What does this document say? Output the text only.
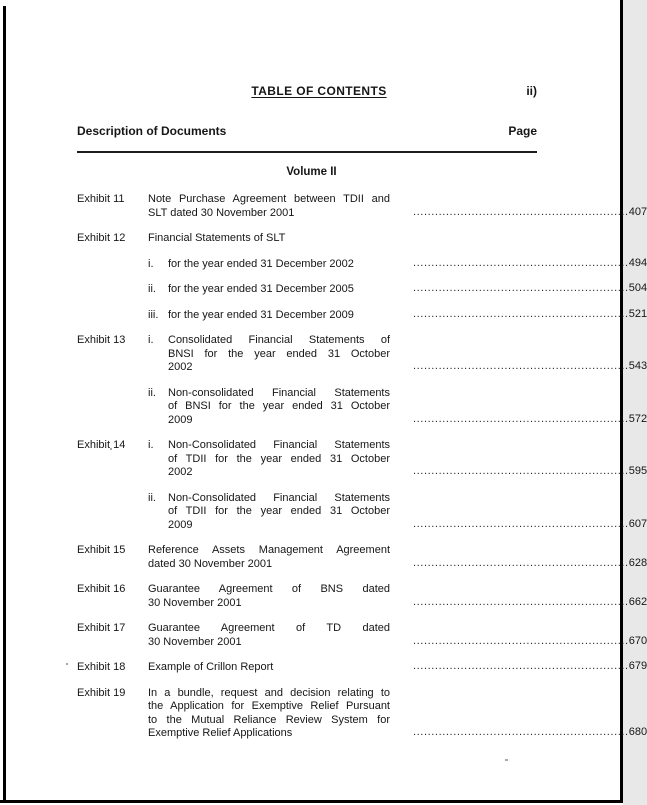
TABLE OF CONTENTS	ii)
Description of Documents	Page
Volume II
Exhibit 11	Note Purchase Agreement between TDII and
SLT dated 30 November 2001	........................................................... 407
Exhibit 12	Financial Statements of SLT
i.	for the year ended 31 December 2002	........................................................... 494
ii.	for the year ended 31 December 2005	........................................................... 504
iii. for the year ended 31 December 2009	........................................................... 521
Exhibit 13	i.	Consolidated Financial Statements of
BNSI for the year ended 31 October
2002	........................................................... 543
ii.	Non-consolidated Financial Statements
of BNSI for the year ended 31 October
2009	........................................................... 572
Exhibit 14	i.	Non-Consolidated Financial Statements
of TDII for the year ended 31 October
2002	........................................................... 595
ii.	Non-Consolidated Financial Statements
of TDII for the year ended 31 October
2009	........................................................... 607
Exhibit 15	Reference Assets Management Agreement
dated 30 November 2001	........................................................... 628
Exhibit 16	Guarantee Agreement of BNS dated
30 November 2001	........................................................... 662
Exhibit 17	Guarantee Agreement of TD dated
30 November 2001	........................................................... 670
Exhibit 18	Example of Crillon Report	........................................................... 679
Exhibit 19	In a bundle, request and decision relating to
the Application for Exemptive Relief Pursuant
to the Mutual Reliance Review System for
Exemptive Relief Applications	........................................................... 680
